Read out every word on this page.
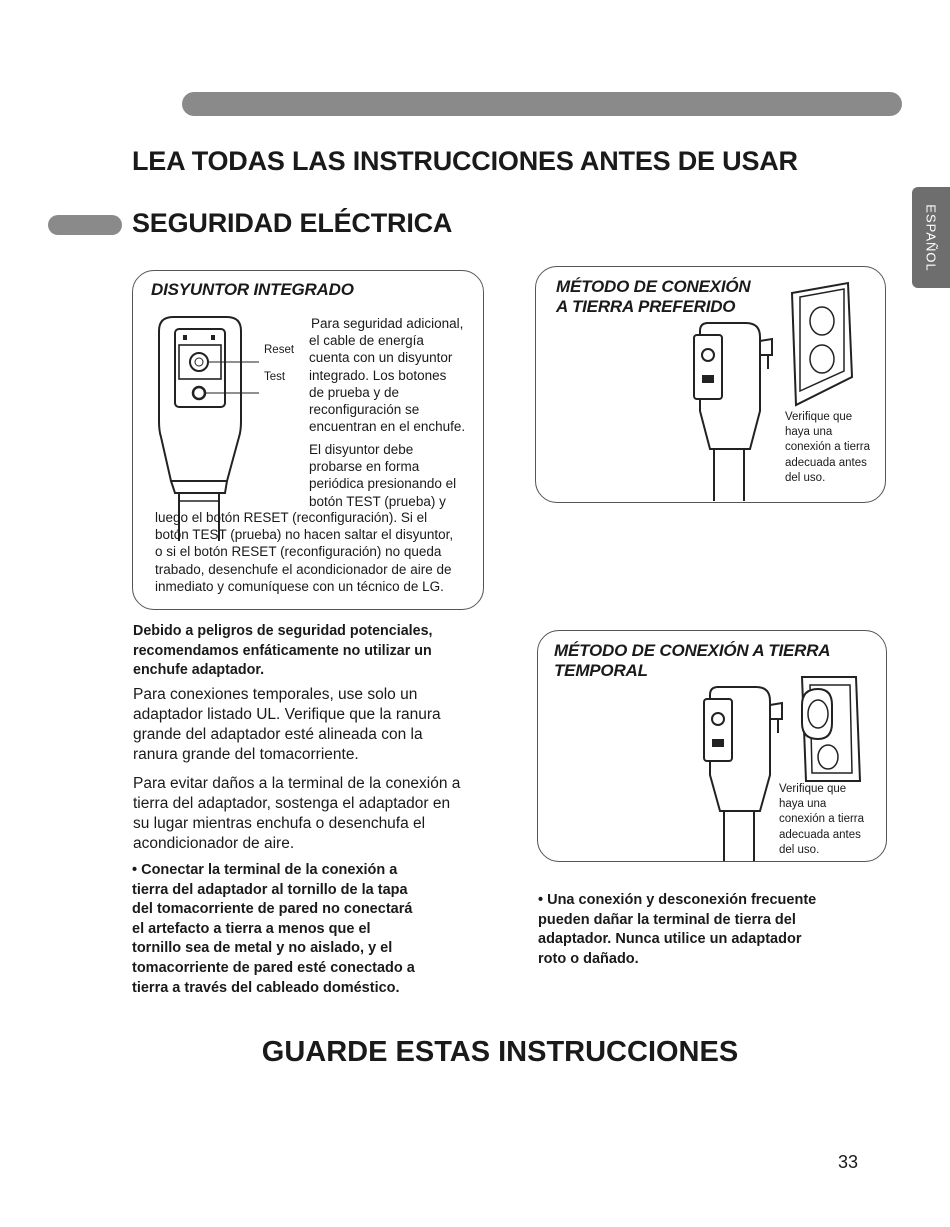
LEA TODAS LAS INSTRUCCIONES ANTES DE USAR
SEGURIDAD ELÉCTRICA	ESPAÑOL
DISYUNTOR INTEGRADO
Reset
Test
Para seguridad adicional,
el cable de energía
cuenta con un disyuntor
integrado. Los botones
de prueba y de
reconfiguración se
encuentran en el enchufe.
El disyuntor debe
probarse en forma
periódica presionando el
botón TEST (prueba) y
luego el botón RESET (reconfiguración). Si el
botón TEST (prueba) no hacen saltar el disyuntor,
o si el botón RESET (reconfiguración) no queda
trabado, desenchufe el acondicionador de aire de
inmediato y comuníquese con un técnico de LG.
MÉTODO DE CONEXIÓN
A TIERRA PREFERIDO
Verifique que
haya una
conexión a tierra
adecuada antes
del uso.
MÉTODO DE CONEXIÓN A TIERRA
TEMPORAL
Verifique que
haya una
conexión a tierra
adecuada antes
del uso.
Debido a peligros de seguridad potenciales,
recomendamos enfáticamente no utilizar un
enchufe adaptador.
Para conexiones temporales, use solo un
adaptador listado UL. Verifique que la ranura
grande del adaptador esté alineada con la
ranura grande del tomacorriente.
Para evitar daños a la terminal de la conexión a
tierra del adaptador, sostenga el adaptador en
su lugar mientras enchufa o desenchufa el
acondicionador de aire.
• Conectar la terminal de la conexión a
tierra del adaptador al tornillo de la tapa
del tomacorriente de pared no conectará
el artefacto a tierra a menos que el
tornillo sea de metal y no aislado, y el
tomacorriente de pared esté conectado a
tierra a través del cableado doméstico.
• Una conexión y desconexión frecuente
pueden dañar la terminal de tierra del
adaptador. Nunca utilice un adaptador
roto o dañado.
GUARDE ESTAS INSTRUCCIONES
33
